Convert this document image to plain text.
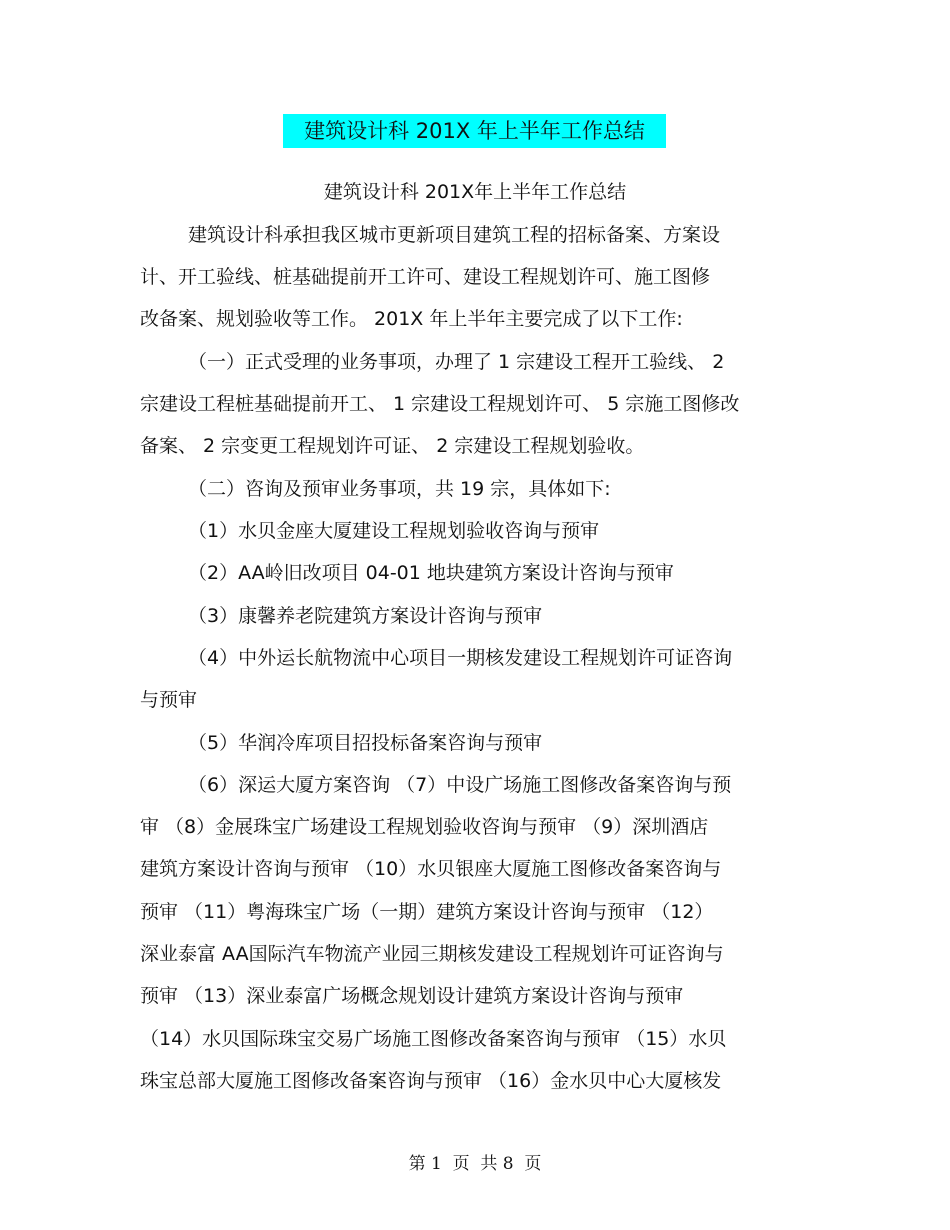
建筑设计科 201X 年上半年工作总结
建筑设计科 201X年上半年工作总结
建筑设计科承担我区城市更新项目建筑工程的招标备案、方案设
计、开工验线、桩基础提前开工许可、建设工程规划许可、施工图修
改备案、规划验收等工作。 201X 年上半年主要完成了以下工作:
（一）正式受理的业务事项，办理了 1 宗建设工程开工验线、 2
宗建设工程桩基础提前开工、 1 宗建设工程规划许可、 5 宗施工图修改
备案、 2 宗变更工程规划许可证、 2 宗建设工程规划验收。
（二）咨询及预审业务事项，共 19 宗，具体如下:
（1）水贝金座大厦建设工程规划验收咨询与预审
（2）AA岭旧改项目 04-01 地块建筑方案设计咨询与预审
（3）康馨养老院建筑方案设计咨询与预审
（4）中外运长航物流中心项目一期核发建设工程规划许可证咨询
与预审
（5）华润冷库项目招投标备案咨询与预审
（6）深运大厦方案咨询 （7）中设广场施工图修改备案咨询与预
审 （8）金展珠宝广场建设工程规划验收咨询与预审 （9）深圳酒店
建筑方案设计咨询与预审 （10）水贝银座大厦施工图修改备案咨询与
预审 （11）粤海珠宝广场（一期）建筑方案设计咨询与预审 （12）
深业泰富 AA国际汽车物流产业园三期核发建设工程规划许可证咨询与
预审 （13）深业泰富广场概念规划设计建筑方案设计咨询与预审
（14）水贝国际珠宝交易广场施工图修改备案咨询与预审 （15）水贝
珠宝总部大厦施工图修改备案咨询与预审 （16）金水贝中心大厦核发
第 1  页  共 8  页
